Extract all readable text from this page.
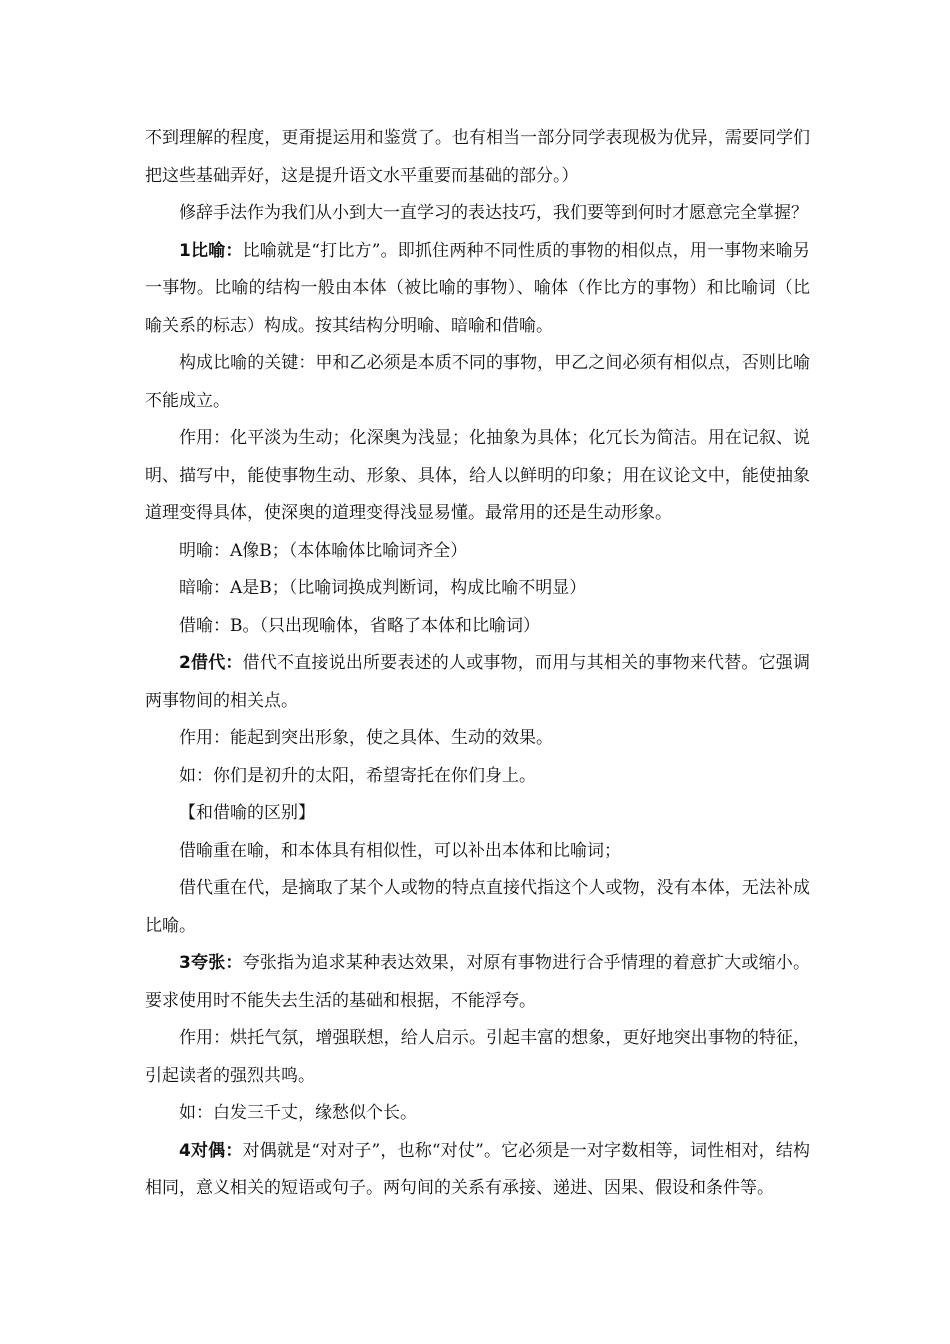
不到理解的程度，更甭提运用和鉴赏了。也有相当一部分同学表现极为优异，需要同学们把这些基础弄好，这是提升语文水平重要而基础的部分。）

修辞手法作为我们从小到大一直学习的表达技巧，我们要等到何时才愿意完全掌握？

1比喻：比喻就是“打比方”。即抓住两种不同性质的事物的相似点，用一事物来喻另一事物。比喻的结构一般由本体（被比喻的事物）、喻体（作比方的事物）和比喻词（比喻关系的标志）构成。按其结构分明喻、暗喻和借喻。

构成比喻的关键：甲和乙必须是本质不同的事物，甲乙之间必须有相似点，否则比喻不能成立。

作用：化平淡为生动；化深奥为浅显；化抽象为具体；化冗长为简洁。用在记叙、说明、描写中，能使事物生动、形象、具体，给人以鲜明的印象；用在议论文中，能使抽象道理变得具体，使深奥的道理变得浅显易懂。最常用的还是生动形象。

明喻：A像B；（本体喻体比喻词齐全）

暗喻：A是B；（比喻词换成判断词，构成比喻不明显）

借喻：B。（只出现喻体，省略了本体和比喻词）

2借代：借代不直接说出所要表述的人或事物，而用与其相关的事物来代替。它强调两事物间的相关点。

作用：能起到突出形象，使之具体、生动的效果。

如：你们是初升的太阳，希望寄托在你们身上。

【和借喻的区别】

借喻重在喻，和本体具有相似性，可以补出本体和比喻词；

借代重在代，是摘取了某个人或物的特点直接代指这个人或物，没有本体，无法补成比喻。

3夸张：夸张指为追求某种表达效果，对原有事物进行合乎情理的着意扩大或缩小。要求使用时不能失去生活的基础和根据，不能浮夸。

作用：烘托气氛，增强联想，给人启示。引起丰富的想象，更好地突出事物的特征，引起读者的强烈共鸣。

如：白发三千丈，缘愁似个长。

4对偶：对偶就是“对对子”，也称“对仗”。它必须是一对字数相等，词性相对，结构相同，意义相关的短语或句子。两句间的关系有承接、递进、因果、假设和条件等。
